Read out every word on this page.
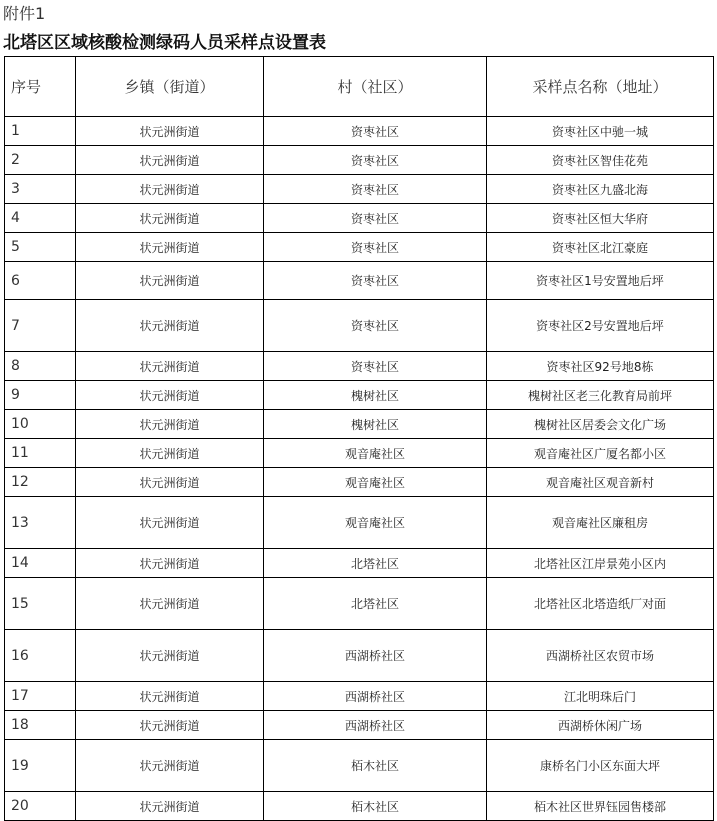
附件1
北塔区区域核酸检测绿码人员采样点设置表
序号	乡镇（街道）	村（社区）	采样点名称（地址）
1	状元洲街道	资枣社区	资枣社区中驰一城
2	状元洲街道	资枣社区	资枣社区智佳花苑
3	状元洲街道	资枣社区	资枣社区九盛北海
4	状元洲街道	资枣社区	资枣社区恒大华府
5	状元洲街道	资枣社区	资枣社区北江豪庭
6	状元洲街道	资枣社区	资枣社区1号安置地后坪
7	状元洲街道	资枣社区	资枣社区2号安置地后坪
8	状元洲街道	资枣社区	资枣社区92号地8栋
9	状元洲街道	槐树社区	槐树社区老三化教育局前坪
10	状元洲街道	槐树社区	槐树社区居委会文化广场
11	状元洲街道	观音庵社区	观音庵社区广厦名都小区
12	状元洲街道	观音庵社区	观音庵社区观音新村
13	状元洲街道	观音庵社区	观音庵社区廉租房
14	状元洲街道	北塔社区	北塔社区江岸景苑小区内
15	状元洲街道	北塔社区	北塔社区北塔造纸厂对面
16	状元洲街道	西湖桥社区	西湖桥社区农贸市场
17	状元洲街道	西湖桥社区	江北明珠后门
18	状元洲街道	西湖桥社区	西湖桥休闲广场
19	状元洲街道	栢木社区	康桥名门小区东面大坪
20	状元洲街道	栢木社区	栢木社区世界钰园售楼部
